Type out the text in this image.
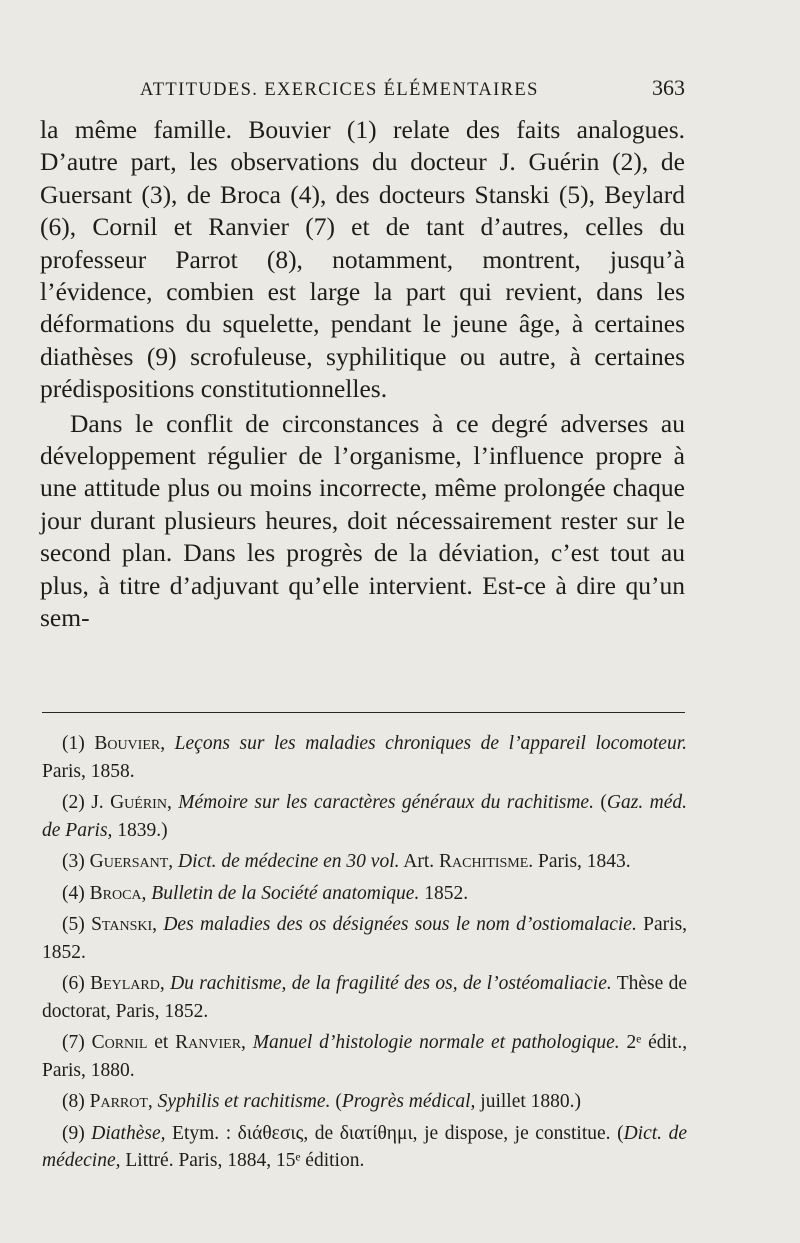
ATTITUDES. EXERCICES ÉLÉMENTAIRES	363

la même famille. Bouvier (1) relate des faits analogues. D’autre part, les observations du docteur J. Guérin (2), de Guersant (3), de Broca (4), des docteurs Stanski (5), Beylard (6), Cornil et Ranvier (7) et de tant d’autres, celles du professeur Parrot (8), notamment, montrent, jusqu’à l’évidence, combien est large la part qui revient, dans les déformations du squelette, pendant le jeune âge, à certaines diathèses (9) scrofuleuse, syphilitique ou autre, à certaines prédispositions constitutionnelles.

Dans le conflit de circonstances à ce degré adverses au développement régulier de l’organisme, l’influence propre à une attitude plus ou moins incorrecte, même prolongée chaque jour durant plusieurs heures, doit nécessairement rester sur le second plan. Dans les progrès de la déviation, c’est tout au plus, à titre d’adjuvant qu’elle intervient. Est-ce à dire qu’un sem-

(1) Bouvier, Leçons sur les maladies chroniques de l’appareil locomoteur. Paris, 1858.

(2) J. Guérin, Mémoire sur les caractères généraux du rachitisme. (Gaz. méd. de Paris, 1839.)

(3) Guersant, Dict. de médecine en 30 vol. Art. Rachitisme. Paris, 1843.

(4) Broca, Bulletin de la Société anatomique. 1852.

(5) Stanski, Des maladies des os désignées sous le nom d’ostiomalacie. Paris, 1852.

(6) Beylard, Du rachitisme, de la fragilité des os, de l’ostéomaliacie. Thèse de doctorat, Paris, 1852.

(7) Cornil et Ranvier, Manuel d’histologie normale et pathologique. 2ᵉ édit., Paris, 1880.

(8) Parrot, Syphilis et rachitisme. (Progrès médical, juillet 1880.)

(9) Diathèse, Etym. : διάθεσις, de διατίθημι, je dispose, je constitue. (Dict. de médecine, Littré. Paris, 1884, 15ᵉ édition.
